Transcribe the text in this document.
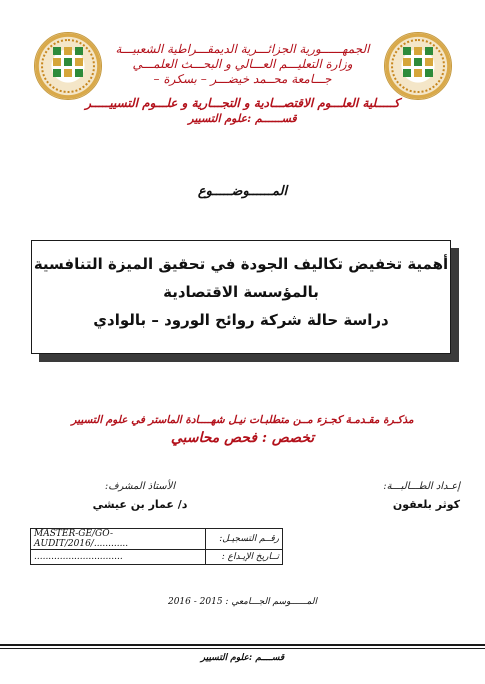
الجمهــــــورية الجزائـــرية الديمقـــراطية الشعبيـــة
وزارة التعليـــم العـــالي و البحـــث العلمـــي
جـــامعة محــمد خيضـــر – بسكرة –
كـــــلية العلـــوم الاقتصـــادية و التجـــارية و علـــوم التسييـــــر
قســــــم :علوم التسيير
المــــــوضـــــوع
أهمية تخفيض تكاليف الجودة في تحقيق الميزة التنافسية
بالمؤسسة الاقتصادية
دراسة حالة شركة روائح الورود – بالوادي
مذكـرة مقـدمـة كجـزء مــن متطلبـات نيـل شهــــادة الماستر في علوم التسيير
تخصص : فحص محاسبي
إعـداد الطـــالبـــة:
كوثر بلعقون
الأستاذ المشرف:
د/ عمار بن عيشي
MASTER-GE/GO-AUDIT/2016/............	رقــم التسجيـل:
...............................	تــاريخ الإيـداع :
المــــــوسم الجـــامعي : 2015 - 2016
قســــم :علوم التسيير
